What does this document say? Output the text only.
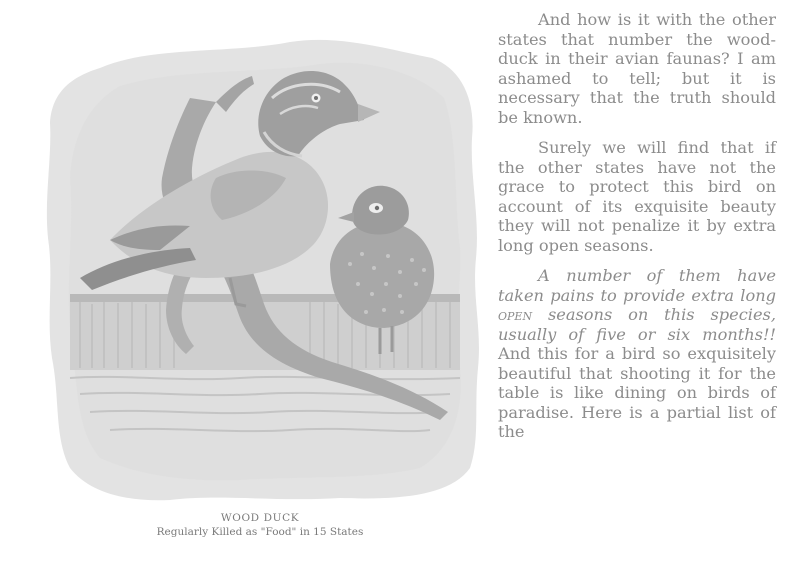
WOOD DUCK
Regularly Killed as "Food" in 15 States

And how is it with the other states that number the wood-duck in their avian faunas? I am ashamed to tell; but it is necessary that the truth should be known.

Surely we will find that if the other states have not the grace to protect this bird on account of its exquisite beauty they will not penalize it by extra long open seasons.

A number of them have taken pains to provide extra long open seasons on this species, usually of five or six months!! And this for a bird so exquisitely beautiful that shooting it for the table is like dining on birds of paradise. Here is a partial list of the
